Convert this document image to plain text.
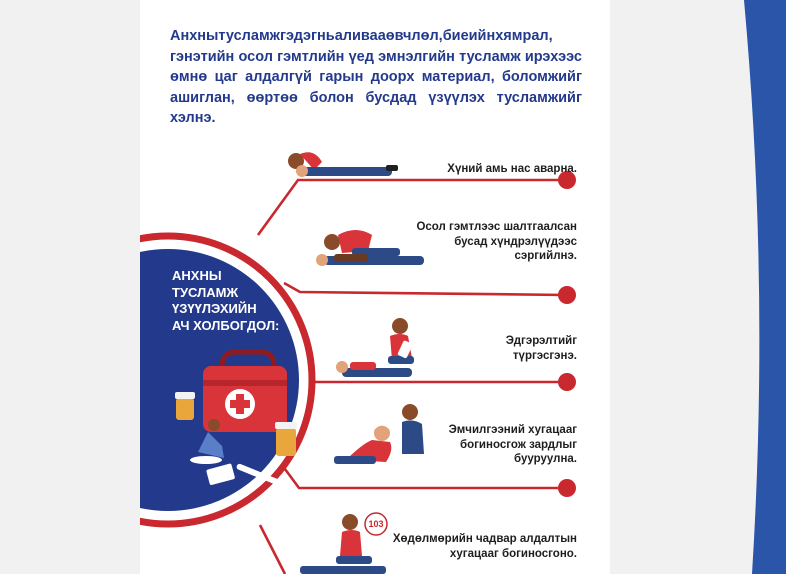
Анхнытусламжгэдэгньаливааөвчлөл,биеийнхямрал, гэнэтийн осол гэмтлийн үед эмнэлгийн тусламж ирэхээс өмнө цаг алдалгүй гарын доорх материал, боломжийг ашиглан, өөртөө болон бусдад үзүүлэх тусламжийг хэлнэ.

103

АНХНЫ
ТУСЛАМЖ
ҮЗҮҮЛЭХИЙН
АЧ ХОЛБОГДОЛ:

Хүний амь нас аварна.

Осол гэмтлээс шалтгаалсан
бусад хүндрэлүүдээс
сэргийлнэ.

Эдгэрэлтийг
түргэсгэнэ.

Эмчилгээний хугацааг
богиносгож зардлыг
бууруулна.

Хөдөлмөрийн чадвар алдалтын
хугацааг богиносгоно.
